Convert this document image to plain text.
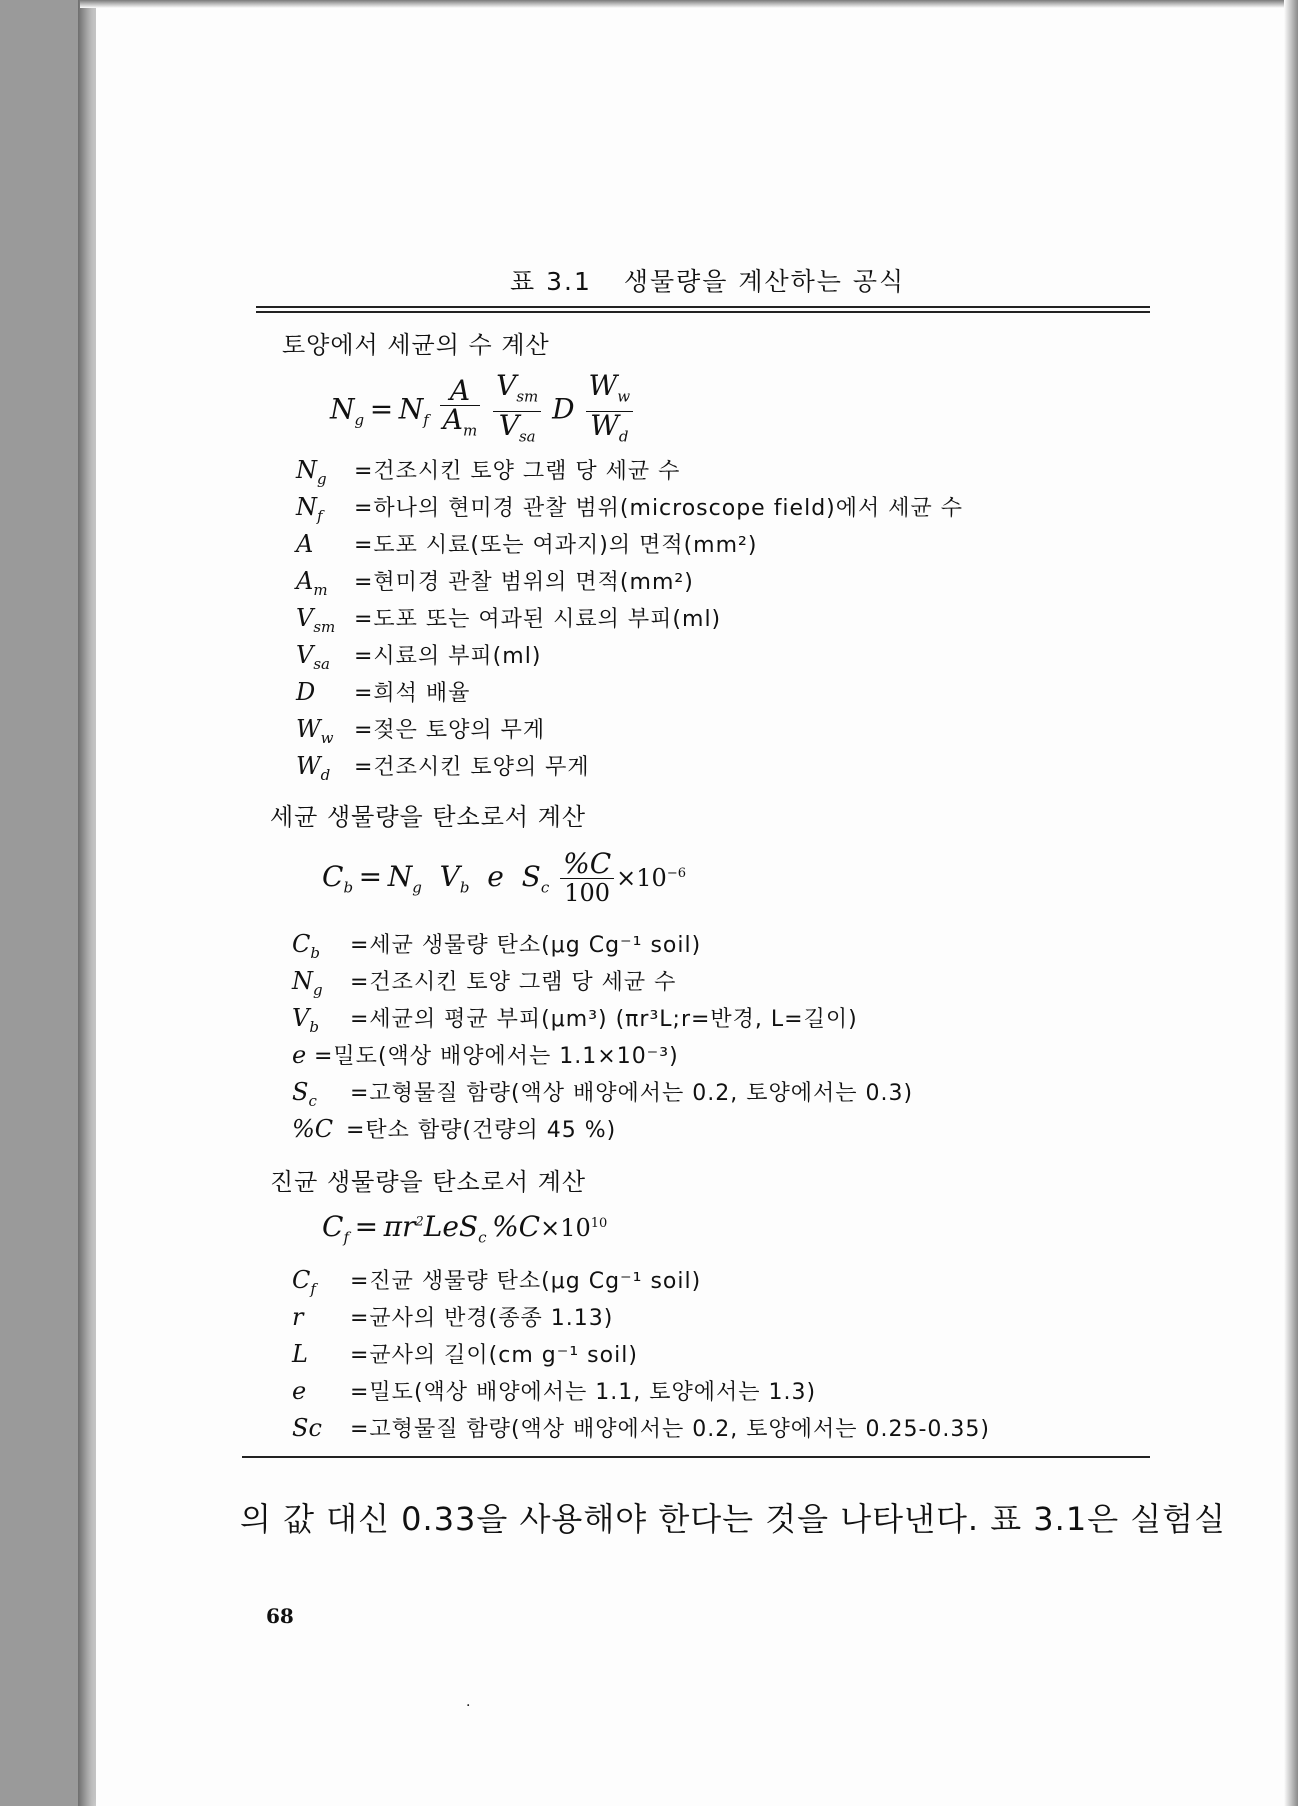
표 3.1 생물량을 계산하는 공식
토양에서 세균의 수 계산
$N_g = N_f \frac{A}{A_m}$
$\frac{V_{sm}}{V_{sa}}$ D $\frac{W_w}{W_d}$
$N_g$ =건조시킨 토양 그램 당 세균 수
$N_f$ =하나의 현미경 관찰 범위(microscope field)에서 세균 수
A =도포 시료(또는 여과지)의 면적(mm²)
$A_m$ =현미경 관찰 범위의 면적(mm²)
$V_{sm}$ =도포 또는 여과된 시료의 부피(ml)
$V_{sa}$ =시료의 부피(ml)
D =희석 배율
$W_w$ =젖은 토양의 무게
$W_d$ =건조시킨 토양의 무게
세균 생물량을 탄소로서 계산
$C_b = N_g$  $V_b$  e  $S_c \frac{\%C}{100} \times 10^{-6}$
$C_b$ =세균 생물량 탄소(μg Cg⁻¹ soil)
$N_g$ =건조시킨 토양 그램 당 세균 수
$V_b$ =세균의 평균 부피(μm³) (πr³L;r=반경, L=길이)
e =밀도(액상 배양에서는 1.1×10⁻³)
$S_c$ =고형물질 함량(액상 배양에서는 0.2, 토양에서는 0.3)
%C =탄소 함량(건량의 45 %)
진균 생물량을 탄소로서 계산
$C_f = \pi r^2LeS_c$ $\%C\times 10^{10}$
$C_f$ =진균 생물량 탄소(μg Cg⁻¹ soil)
r =균사의 반경(종종 1.13)
L =균사의 길이(cm g⁻¹ soil)
e =밀도(액상 배양에서는 1.1, 토양에서는 1.3)
Sc =고형물질 함량(액상 배양에서는 0.2, 토양에서는 0.25-0.35)
의 값 대신 0.33을 사용해야 한다는 것을 나타낸다. 표 3.1은 실험실
68
·
